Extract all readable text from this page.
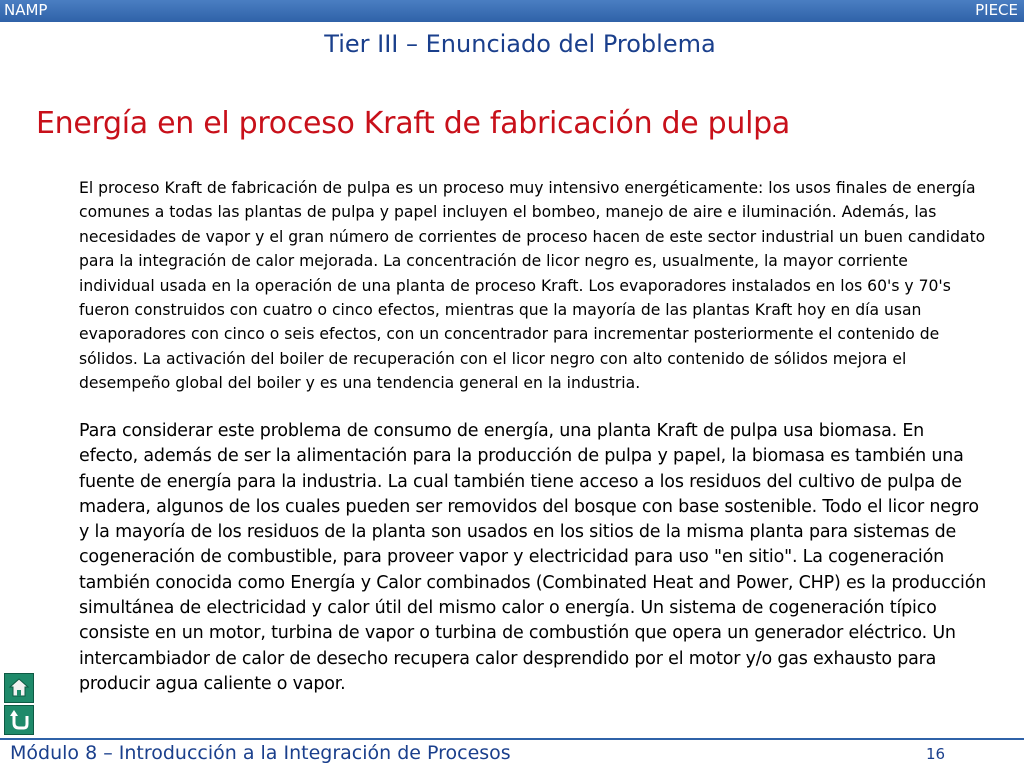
NAMP	PIECE
Tier III – Enunciado del Problema
Energía en el proceso Kraft de fabricación de pulpa
El proceso Kraft de fabricación de pulpa es un proceso muy intensivo energéticamente: los usos finales de energía comunes a todas las plantas de pulpa y papel incluyen el bombeo, manejo de aire e iluminación. Además, las necesidades de vapor y el gran número de corrientes de proceso hacen de este sector industrial un buen candidato para la integración de calor mejorada. La concentración de licor negro es, usualmente, la mayor corriente individual usada en la operación de una planta de proceso Kraft. Los evaporadores instalados en los 60's y 70's fueron construidos con cuatro o cinco efectos, mientras que la mayoría de las plantas Kraft hoy en día usan evaporadores con cinco o seis efectos, con un concentrador para incrementar posteriormente el contenido de sólidos. La activación del boiler de recuperación con el licor negro con alto contenido de sólidos mejora el desempeño global del boiler y es una tendencia general en la industria.
Para considerar este problema de consumo de energía, una planta Kraft de pulpa usa biomasa. En efecto, además de ser la alimentación para la producción de pulpa y papel, la biomasa es también una fuente de energía para la industria. La cual también tiene acceso a los residuos del cultivo de pulpa de madera, algunos de los cuales pueden ser removidos del bosque con base sostenible. Todo el licor negro y la mayoría de los residuos de la planta son usados en los sitios de la misma planta para sistemas de cogeneración de combustible, para proveer vapor y electricidad para uso "en sitio". La cogeneración también conocida como Energía y Calor combinados (Combinated Heat and Power, CHP) es la producción simultánea de electricidad y calor útil del mismo calor o energía. Un sistema de cogeneración típico consiste en un motor, turbina de vapor o turbina de combustión que opera un generador eléctrico. Un intercambiador de calor de desecho recupera calor desprendido por el motor y/o gas exhausto para producir agua caliente o vapor.
Módulo 8 – Introducción a la Integración de Procesos	16
